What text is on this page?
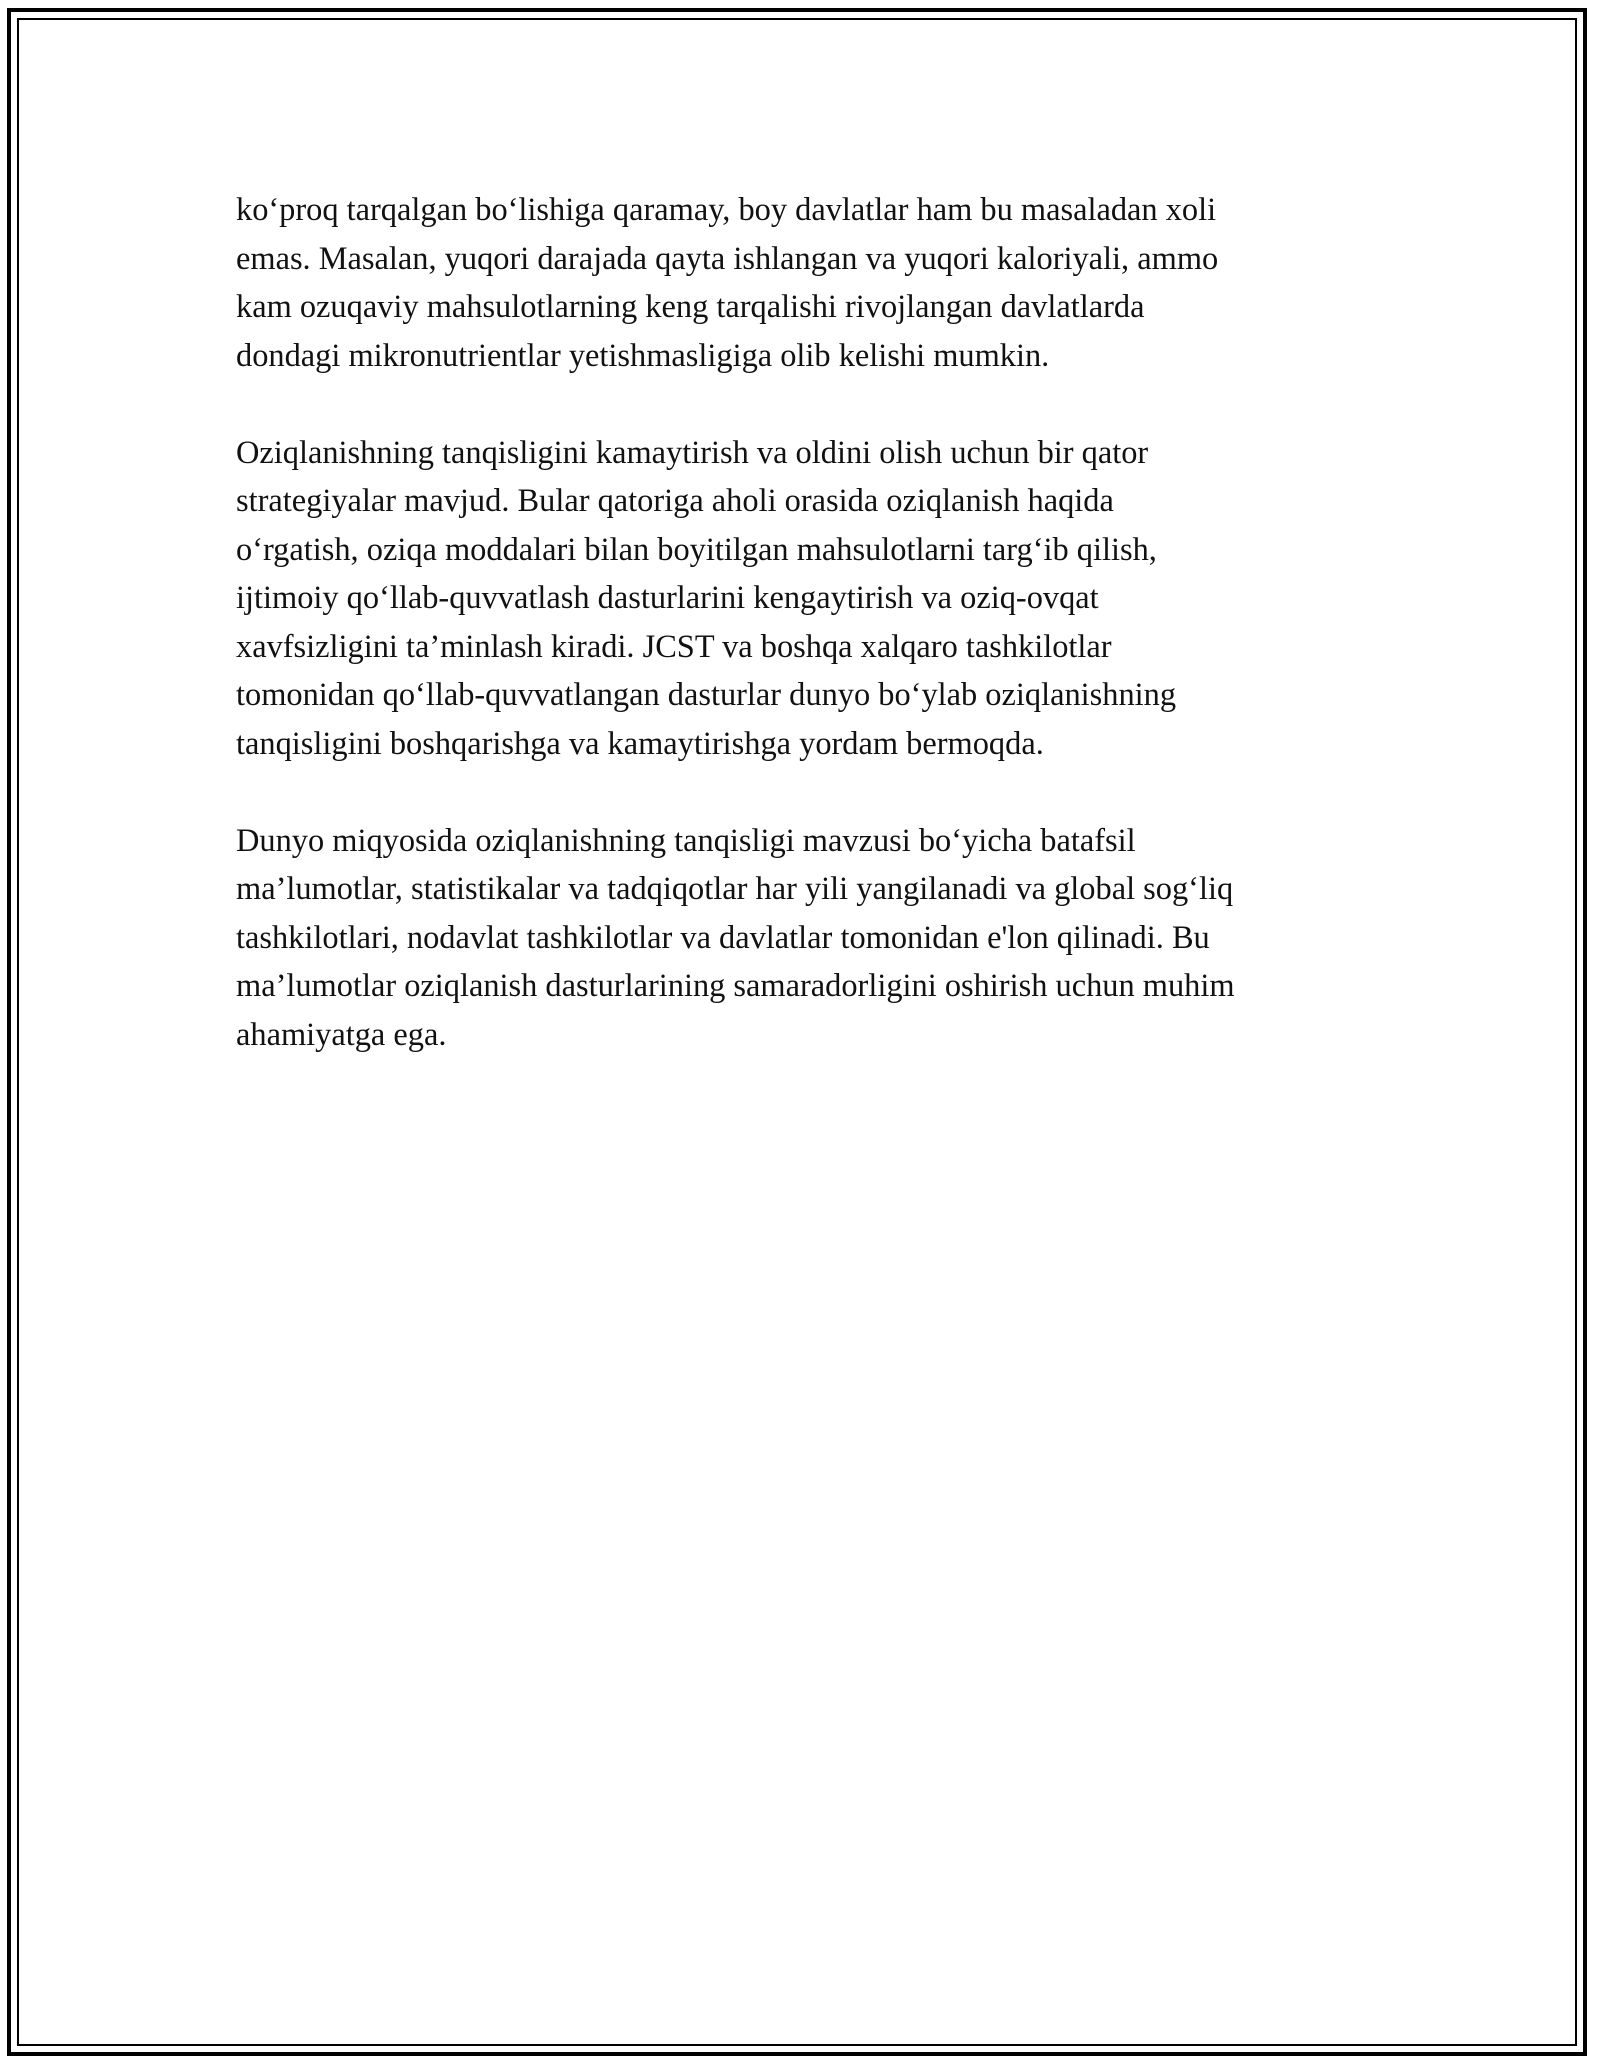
ko‘proq tarqalgan bo‘lishiga qaramay, boy davlatlar ham bu masaladan xoli
emas. Masalan, yuqori darajada qayta ishlangan va yuqori kaloriyali, ammo
kam ozuqaviy mahsulotlarning keng tarqalishi rivojlangan davlatlarda
dondagi mikronutrientlar yetishmasligiga olib kelishi mumkin.

Oziqlanishning tanqisligini kamaytirish va oldini olish uchun bir qator
strategiyalar mavjud. Bular qatoriga aholi orasida oziqlanish haqida
o‘rgatish, oziqa moddalari bilan boyitilgan mahsulotlarni targ‘ib qilish,
ijtimoiy qo‘llab-quvvatlash dasturlarini kengaytirish va oziq-ovqat
xavfsizligini ta’minlash kiradi. JCST va boshqa xalqaro tashkilotlar
tomonidan qo‘llab-quvvatlangan dasturlar dunyo bo‘ylab oziqlanishning
tanqisligini boshqarishga va kamaytirishga yordam bermoqda.

Dunyo miqyosida oziqlanishning tanqisligi mavzusi bo‘yicha batafsil
ma’lumotlar, statistikalar va tadqiqotlar har yili yangilanadi va global sog‘liq
tashkilotlari, nodavlat tashkilotlar va davlatlar tomonidan e'lon qilinadi. Bu
ma’lumotlar oziqlanish dasturlarining samaradorligini oshirish uchun muhim
ahamiyatga ega.
